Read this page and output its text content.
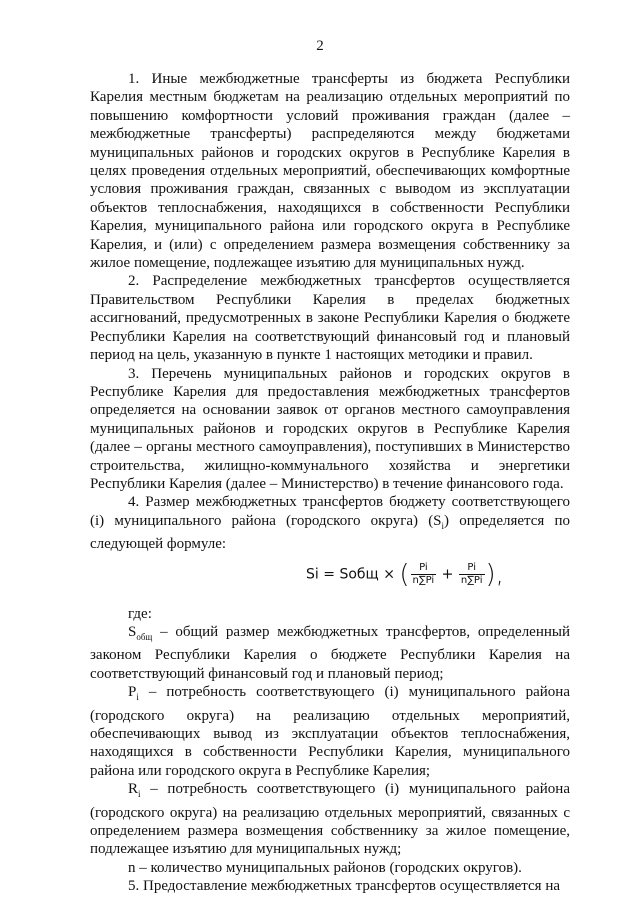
2

1. Иные межбюджетные трансферты из бюджета Республики Карелия местным бюджетам на реализацию отдельных мероприятий по повышению комфортности условий проживания граждан (далее – межбюджетные трансферты) распределяются между бюджетами муниципальных районов и городских округов в Республике Карелия в целях проведения отдельных мероприятий, обеспечивающих комфортные условия проживания граждан, связанных с выводом из эксплуатации объектов теплоснабжения, находящихся в собственности Республики Карелия, муниципального района или городского округа в Республике Карелия, и (или) с определением размера возмещения собственнику за жилое помещение, подлежащее изъятию для муниципальных нужд.

2. Распределение межбюджетных трансфертов осуществляется Правительством Республики Карелия в пределах бюджетных ассигнований, предусмотренных в законе Республики Карелия о бюджете Республики Карелия на соответствующий финансовый год и плановый период на цель, указанную в пункте 1 настоящих методики и правил.

3. Перечень муниципальных районов и городских округов в Республике Карелия для предоставления межбюджетных трансфертов определяется на основании заявок от органов местного самоуправления муниципальных районов и городских округов в Республике Карелия (далее – органы местного самоуправления), поступивших в Министерство строительства, жилищно-коммунального хозяйства и энергетики Республики Карелия (далее – Министерство) в течение финансового года.

4. Размер межбюджетных трансфертов бюджету соответствующего (i) муниципального района (городского округа) $(S_i)$ определяется по следующей формуле:

Si = Sобщ × ( $\frac{Pi}{n\sum Pi} + \frac{Pi}{n\sum Pi}$ ),

где:

$S_{общ}$ – общий размер межбюджетных трансфертов, определенный законом Республики Карелия о бюджете Республики Карелия на соответствующий финансовый год и плановый период;

$P_i$ – потребность соответствующего (i) муниципального района (городского округа) на реализацию отдельных мероприятий, обеспечивающих вывод из эксплуатации объектов теплоснабжения, находящихся в собственности Республики Карелия, муниципального района или городского округа в Республике Карелия;

$R_i$ – потребность соответствующего (i) муниципального района (городского округа) на реализацию отдельных мероприятий, связанных с определением размера возмещения собственнику за жилое помещение, подлежащее изъятию для муниципальных нужд;

n – количество муниципальных районов (городских округов).

5. Предоставление межбюджетных трансфертов осуществляется на
